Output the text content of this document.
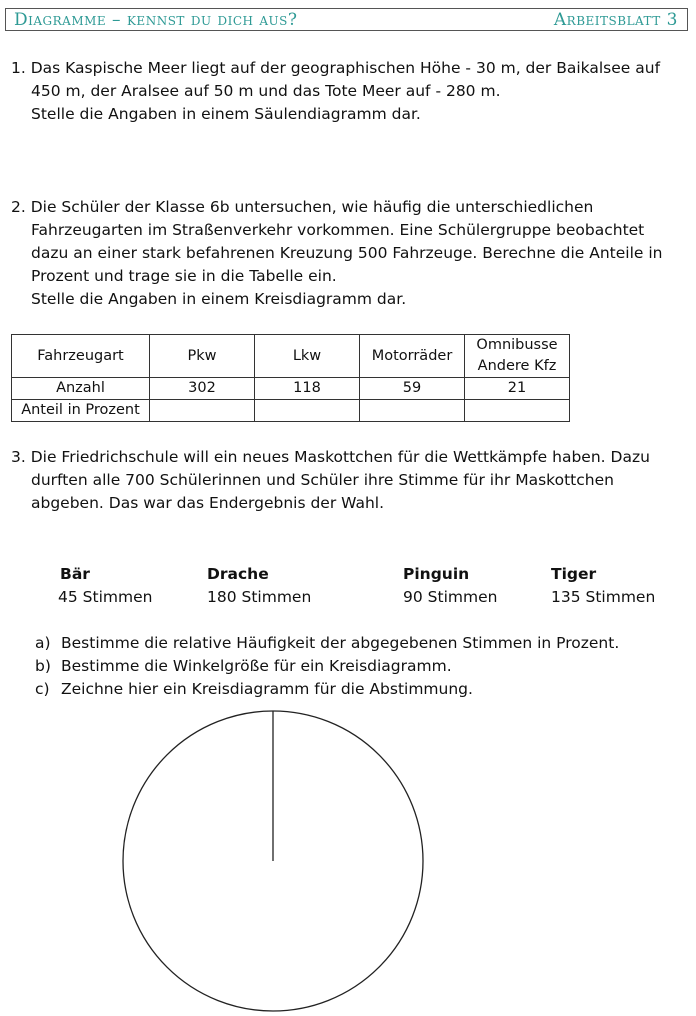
Diagramme – kennst du dich aus?	Arbeitsblatt 3
1. Das Kaspische Meer liegt auf der geographischen Höhe - 30 m, der Baikalsee auf
450 m, der Aralsee auf 50 m und das Tote Meer auf - 280 m.
Stelle die Angaben in einem Säulendiagramm dar.
2. Die Schüler der Klasse 6b untersuchen, wie häufig die unterschiedlichen
Fahrzeugarten im Straßenverkehr vorkommen. Eine Schülergruppe beobachtet
dazu an einer stark befahrenen Kreuzung 500 Fahrzeuge. Berechne die Anteile in
Prozent und trage sie in die Tabelle ein.
Stelle die Angaben in einem Kreisdiagramm dar.
Fahrzeugart	Pkw	Lkw	Motorräder	Omnibusse
Andere Kfz

Anzahl	302	118	59	21
Anteil in Prozent				
3. Die Friedrichschule will ein neues Maskottchen für die Wettkämpfe haben. Dazu
durften alle 700 Schülerinnen und Schüler ihre Stimme für ihr Maskottchen
abgeben. Das war das Endergebnis der Wahl.
Bär
45 Stimmen
Drache
180 Stimmen
Pinguin
90 Stimmen
Tiger
135 Stimmen
a) Bestimme die relative Häufigkeit der abgegebenen Stimmen in Prozent.
b) Bestimme die Winkelgröße für ein Kreisdiagramm.
c) Zeichne hier ein Kreisdiagramm für die Abstimmung.
